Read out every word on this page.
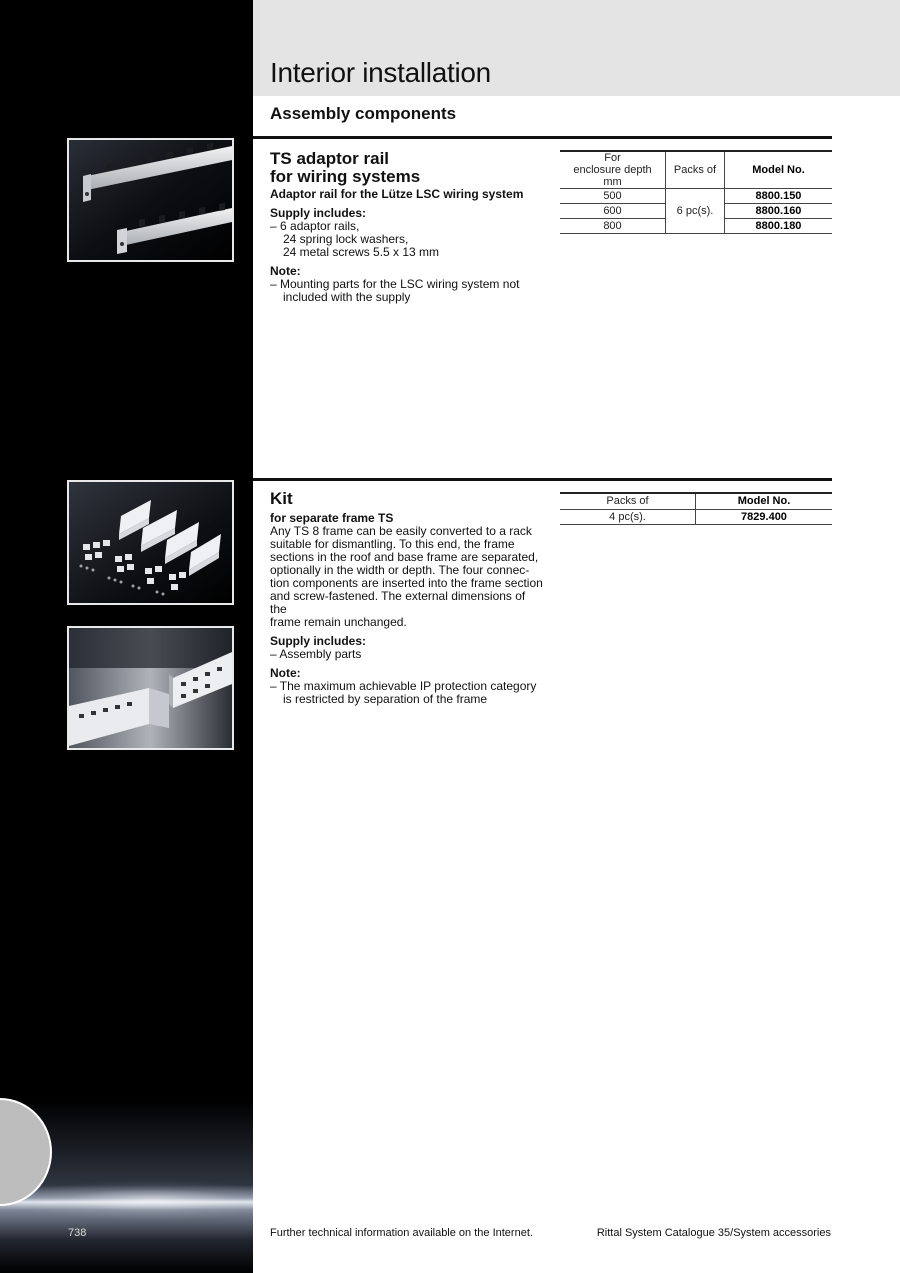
738
Interior installation
Assembly components
TS adaptor rail
for wiring systems
Adaptor rail for the Lütze LSC wiring system
Supply includes:
– 6 adaptor rails,
24 spring lock washers,
24 metal screws 5.5 x 13 mm
Note:
– Mounting parts for the LSC wiring system not
included with the supply
For
enclosure depth
mm	Packs of	Model No.
500	6 pc(s).	8800.150
600		8800.160
800		8800.180
Kit
for separate frame TS
Any TS 8 frame can be easily converted to a rack
suitable for dismantling. To this end, the frame
sections in the roof and base frame are separated,
optionally in the width or depth. The four connec-
tion components are inserted into the frame section
and screw-fastened. The external dimensions of the
frame remain unchanged.
Supply includes:
– Assembly parts
Note:
– The maximum achievable IP protection category
is restricted by separation of the frame
Packs of	Model No.
4 pc(s).	7829.400
Further technical information available on the Internet.	Rittal System Catalogue 35/System accessories
